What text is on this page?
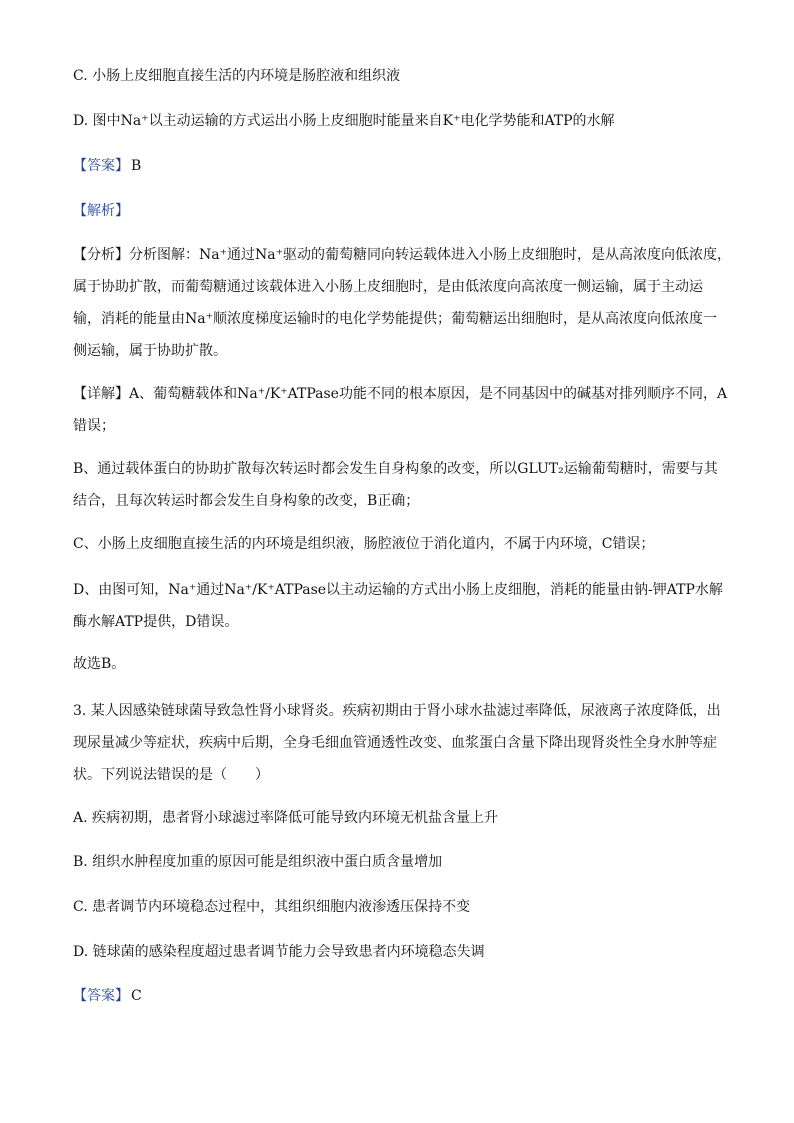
C. 小肠上皮细胞直接生活的内环境是肠腔液和组织液
D. 图中Na⁺以主动运输的方式运出小肠上皮细胞时能量来自K⁺电化学势能和ATP的水解
【答案】 B
【解析】
【分析】分析图解：Na⁺通过Na⁺驱动的葡萄糖同向转运载体进入小肠上皮细胞时，是从高浓度向低浓度，
属于协助扩散，而葡萄糖通过该载体进入小肠上皮细胞时，是由低浓度向高浓度一侧运输，属于主动运
输，消耗的能量由Na⁺顺浓度梯度运输时的电化学势能提供；葡萄糖运出细胞时，是从高浓度向低浓度一
侧运输，属于协助扩散。
【详解】A、葡萄糖载体和Na⁺/K⁺ATPase功能不同的根本原因，是不同基因中的碱基对排列顺序不同，A
错误；
B、通过载体蛋白的协助扩散每次转运时都会发生自身构象的改变，所以GLUT₂运输葡萄糖时，需要与其
结合，且每次转运时都会发生自身构象的改变，B正确；
C、小肠上皮细胞直接生活的内环境是组织液，肠腔液位于消化道内，不属于内环境，C错误；
D、由图可知，Na⁺通过Na⁺/K⁺ATPase以主动运输的方式出小肠上皮细胞，消耗的能量由钠-钾ATP水解
酶水解ATP提供，D错误。
故选B。
3. 某人因感染链球菌导致急性肾小球肾炎。疾病初期由于肾小球水盐滤过率降低，尿液离子浓度降低，出
现尿量减少等症状，疾病中后期，全身毛细血管通透性改变、血浆蛋白含量下降出现肾炎性全身水肿等症
状。下列说法错误的是（　　）
A. 疾病初期，患者肾小球滤过率降低可能导致内环境无机盐含量上升
B. 组织水肿程度加重的原因可能是组织液中蛋白质含量增加
C. 患者调节内环境稳态过程中，其组织细胞内液渗透压保持不变
D. 链球菌的感染程度超过患者调节能力会导致患者内环境稳态失调
【答案】 C
